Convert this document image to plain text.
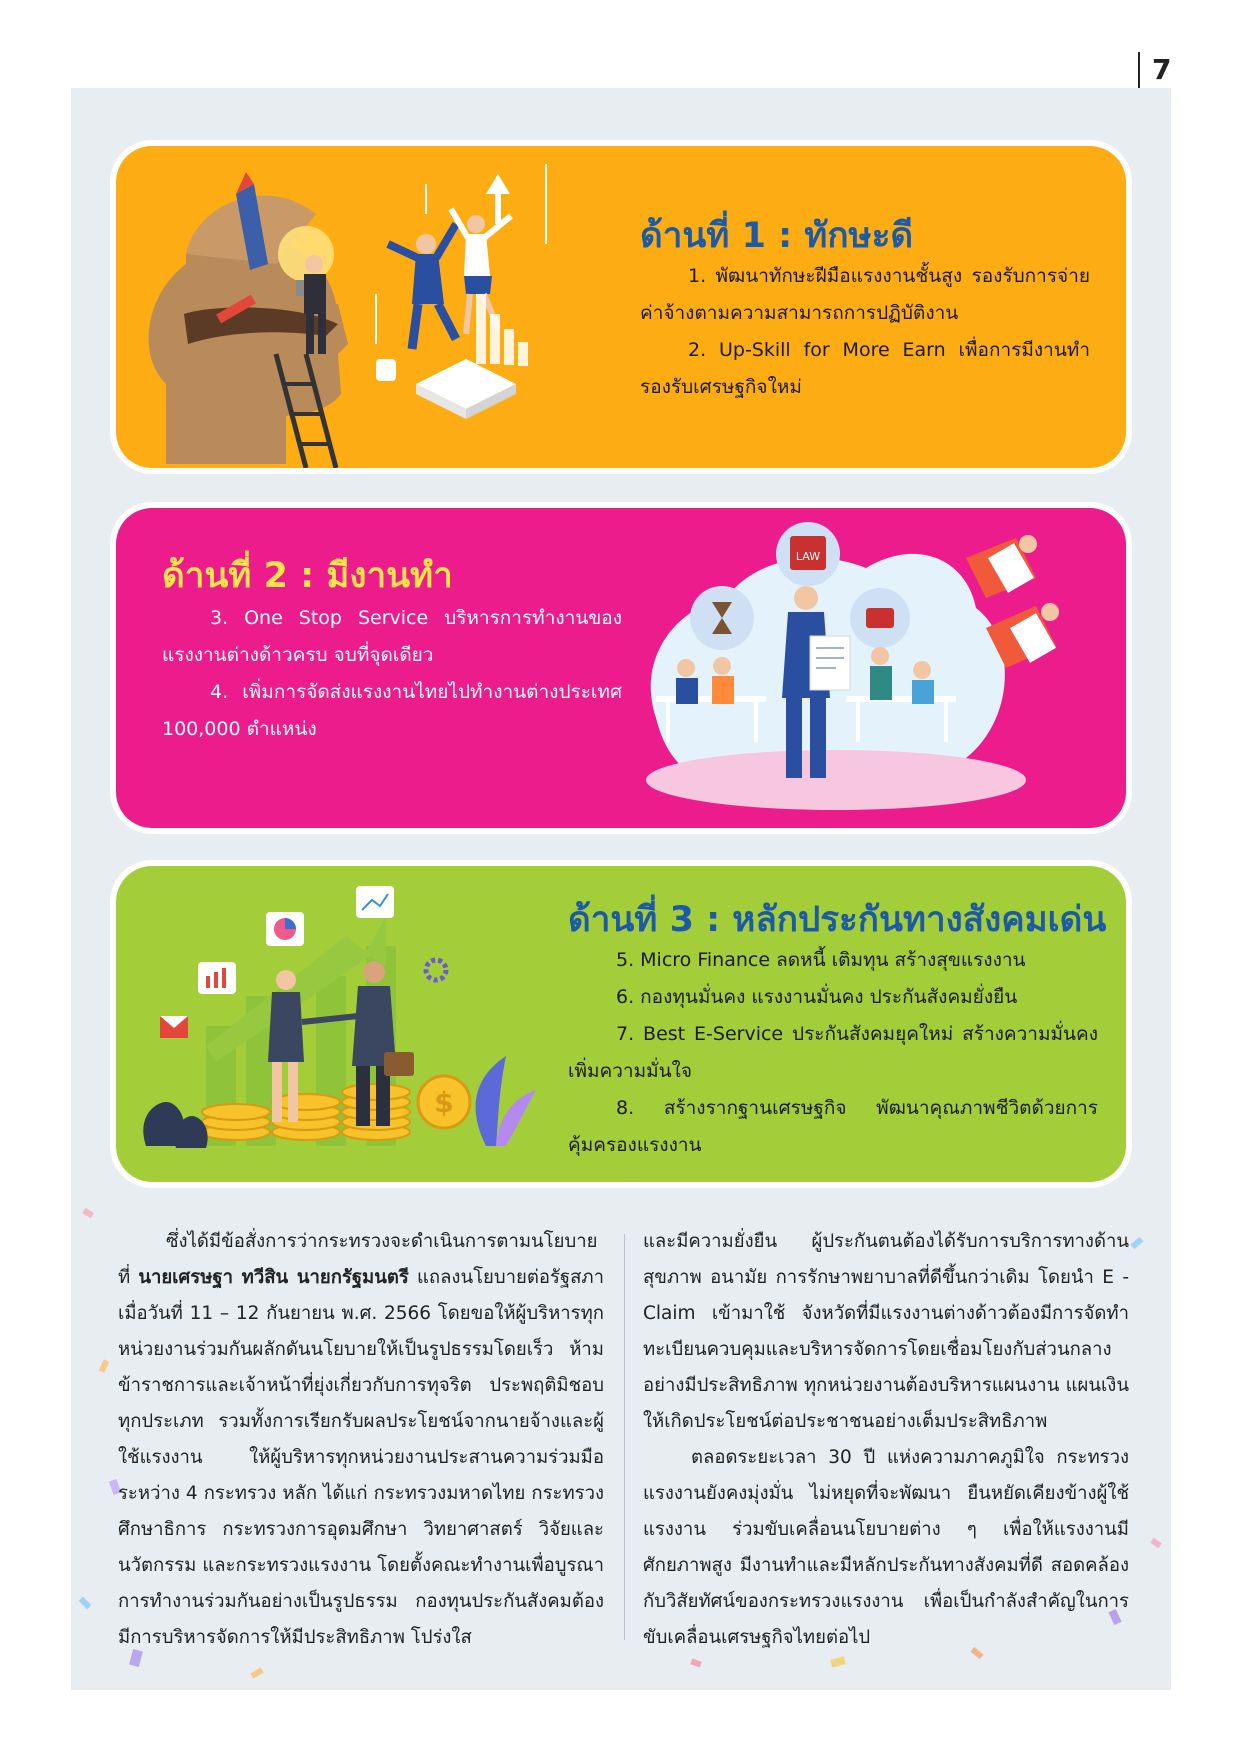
7
ด้านที่ 1 : ทักษะดี

1. พัฒนาทักษะฝีมือแรงงานชั้นสูง รองรับการจ่ายค่าจ้างตามความสามารถการปฏิบัติงาน

2. Up-Skill for More Earn เพื่อการมีงานทำรองรับเศรษฐกิจใหม่

ด้านที่ 2 : มีงานทำ

3. One Stop Service บริหารการทำงานของแรงงานต่างด้าวครบ จบที่จุดเดียว

4. เพิ่มการจัดส่งแรงงานไทยไปทำงานต่างประเทศ 100,000 ตำแหน่ง

LAW
$
ด้านที่ 3 : หลักประกันทางสังคมเด่น

5. Micro Finance ลดหนี้ เติมทุน สร้างสุขแรงงาน

6. กองทุนมั่นคง แรงงานมั่นคง ประกันสังคมยั่งยืน

7. Best E-Service ประกันสังคมยุคใหม่ สร้างความมั่นคงเพิ่มความมั่นใจ

8. สร้างรากฐานเศรษฐกิจ พัฒนาคุณภาพชีวิตด้วยการคุ้มครองแรงงาน

ซึ่งได้มีข้อสั่งการว่ากระทรวงจะดำเนินการตามนโยบายที่ นายเศรษฐา ทวีสิน นายกรัฐมนตรี แถลงนโยบายต่อรัฐสภา เมื่อวันที่ 11 – 12 กันยายน พ.ศ. 2566 โดยขอให้ผู้บริหารทุกหน่วยงานร่วมกันผลักดันนโยบายให้เป็นรูปธรรมโดยเร็ว ห้ามข้าราชการและเจ้าหน้าที่ยุ่งเกี่ยวกับการทุจริต ประพฤติมิชอบ ทุกประเภท รวมทั้งการเรียกรับผลประโยชน์จากนายจ้างและผู้ใช้แรงงาน ให้ผู้บริหารทุกหน่วยงานประสานความร่วมมือระหว่าง 4 กระทรวง หลัก ได้แก่ กระทรวงมหาดไทย กระทรวงศึกษาธิการ กระทรวงการอุดมศึกษา วิทยาศาสตร์ วิจัยและนวัตกรรม และกระทรวงแรงงาน โดยตั้งคณะทำงานเพื่อบูรณาการทำงานร่วมกันอย่างเป็นรูปธรรม กองทุนประกันสังคมต้องมีการบริหารจัดการให้มีประสิทธิภาพ โปร่งใส

และมีความยั่งยืน ผู้ประกันตนต้องได้รับการบริการทางด้านสุขภาพ อนามัย การรักษาพยาบาลที่ดีขึ้นกว่าเดิม โดยนำ E - Claim เข้ามาใช้ จังหวัดที่มีแรงงานต่างด้าวต้องมีการจัดทำทะเบียนควบคุมและบริหารจัดการโดยเชื่อมโยงกับส่วนกลางอย่างมีประสิทธิภาพ ทุกหน่วยงานต้องบริหารแผนงาน แผนเงินให้เกิดประโยชน์ต่อประชาชนอย่างเต็มประสิทธิภาพ

ตลอดระยะเวลา 30 ปี แห่งความภาคภูมิใจ กระทรวงแรงงานยังคงมุ่งมั่น ไม่หยุดที่จะพัฒนา ยืนหยัดเคียงข้างผู้ใช้แรงงาน ร่วมขับเคลื่อนนโยบายต่าง ๆ เพื่อให้แรงงานมีศักยภาพสูง มีงานทำและมีหลักประกันทางสังคมที่ดี สอดคล้องกับวิสัยทัศน์ของกระทรวงแรงงาน เพื่อเป็นกำลังสำคัญในการขับเคลื่อนเศรษฐกิจไทยต่อไป
